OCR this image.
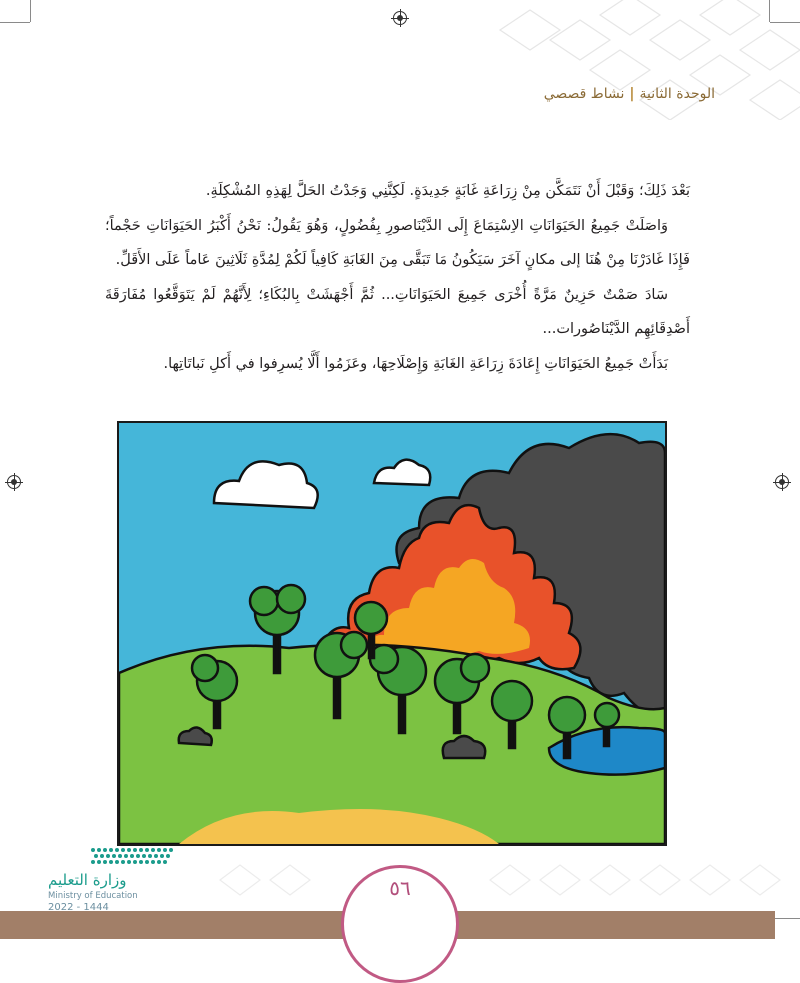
الوحدة الثانية|نشاط قصصي

بَعْدَ ذَلِكَ؛ وَقَبْلَ أَنْ نَتَمَكَّن مِنْ زِرَاعَةِ غَابَةٍ جَدِيدَةٍ. لَكِنَّنِي وَجَدْتُ الحَلَّ لِهَذِهِ المُشْكِلَةِ.

وَاصَلَتْ جَمِيعُ الحَيَوَانَاتِ الاِسْتِمَاعَ إِلَى الدَّيْنَاصورِ بِفُضُولٍ، وَهُوَ يَقُولُ: نَحْنُ أَكْبَرُ الحَيَوَانَاتِ حَجْماً؛ فَإِذَا غَادَرْنَا مِنْ هُنَا إلى مكانٍ آخَرَ سَيَكُونُ مَا تَبَقَّى مِنَ الغَابَةِ كَافِياً لَكُمْ لِمُدَّةِ ثَلَاثِينَ عَاماً عَلَى الأَقَلِّ.

سَادَ صَمْتٌ حَزِينٌ مَرَّةً أُخْرَى جَمِيعَ الحَيَوَانَاتِ... ثُمَّ أَجْهَشَتْ بِالبُكَاءِ؛ لِأَنَّهُمْ لَمْ يَتَوَقَّعُوا مُفَارَقَةَ أَصْدِقَائِهِم الدَّيْنَاصُورات...

بَدَأَتْ جَمِيعُ الحَيَوَانَاتِ إِعَادَةَ زِرَاعَةِ الغَابَةِ وَإِصْلَاحِهَا، وعَزَمُوا أَلَّا يُسرِفوا في أَكلِ نَباتَاتِها.

٥٦
وزارة التعليم
Ministry of Education
2022 - 1444
